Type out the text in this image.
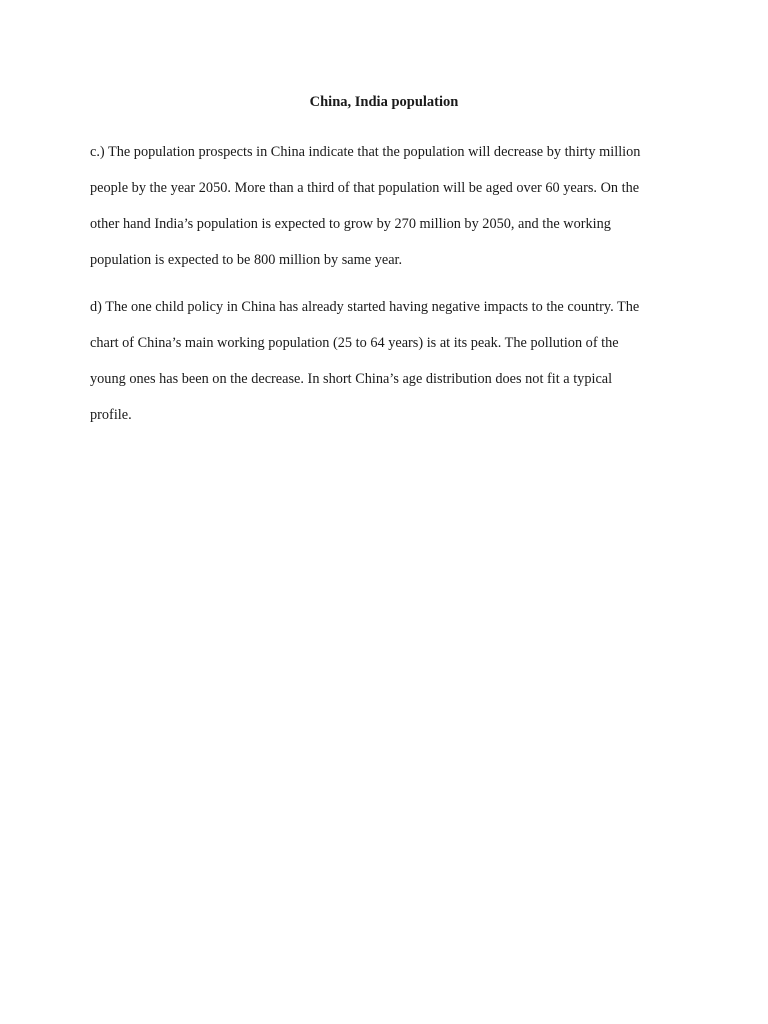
China, India population

c.) The population prospects in China indicate that the population will decrease by thirty million
people by the year 2050. More than a third of that population will be aged over 60 years. On the
other hand India’s population is expected to grow by 270 million by 2050, and the working
population is expected to be 800 million by same year.

d) The one child policy in China has already started having negative impacts to the country. The
chart of China’s main working population (25 to 64 years) is at its peak. The pollution of the
young ones has been on the decrease. In short China’s age distribution does not fit a typical
profile.
